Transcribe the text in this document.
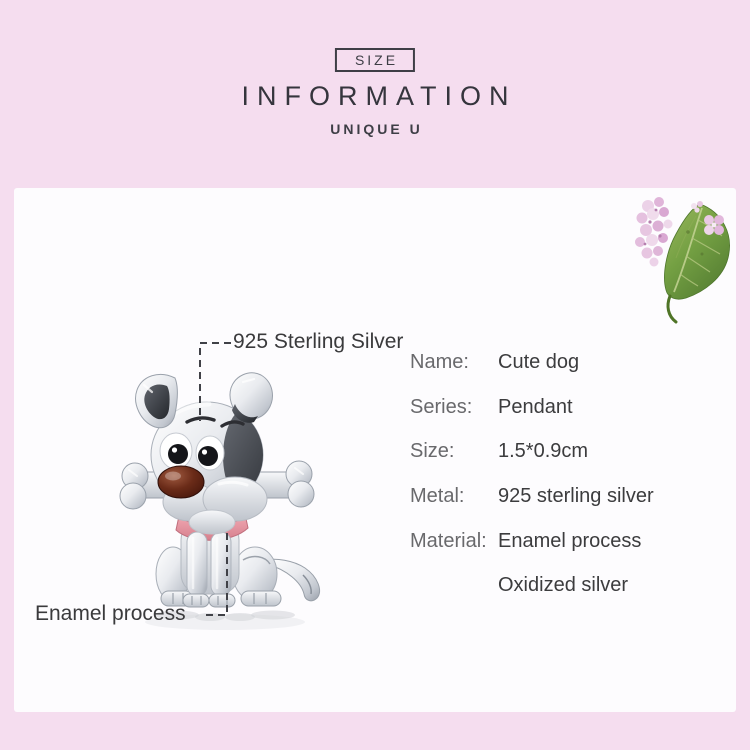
SIZE
INFORMATION
UNIQUE U
925 Sterling Silver
Enamel process
Name:	Cute dog
Series:	Pendant
Size:	1.5*0.9cm
Metal:	925 sterling silver
Material: Enamel process
Oxidized silver
